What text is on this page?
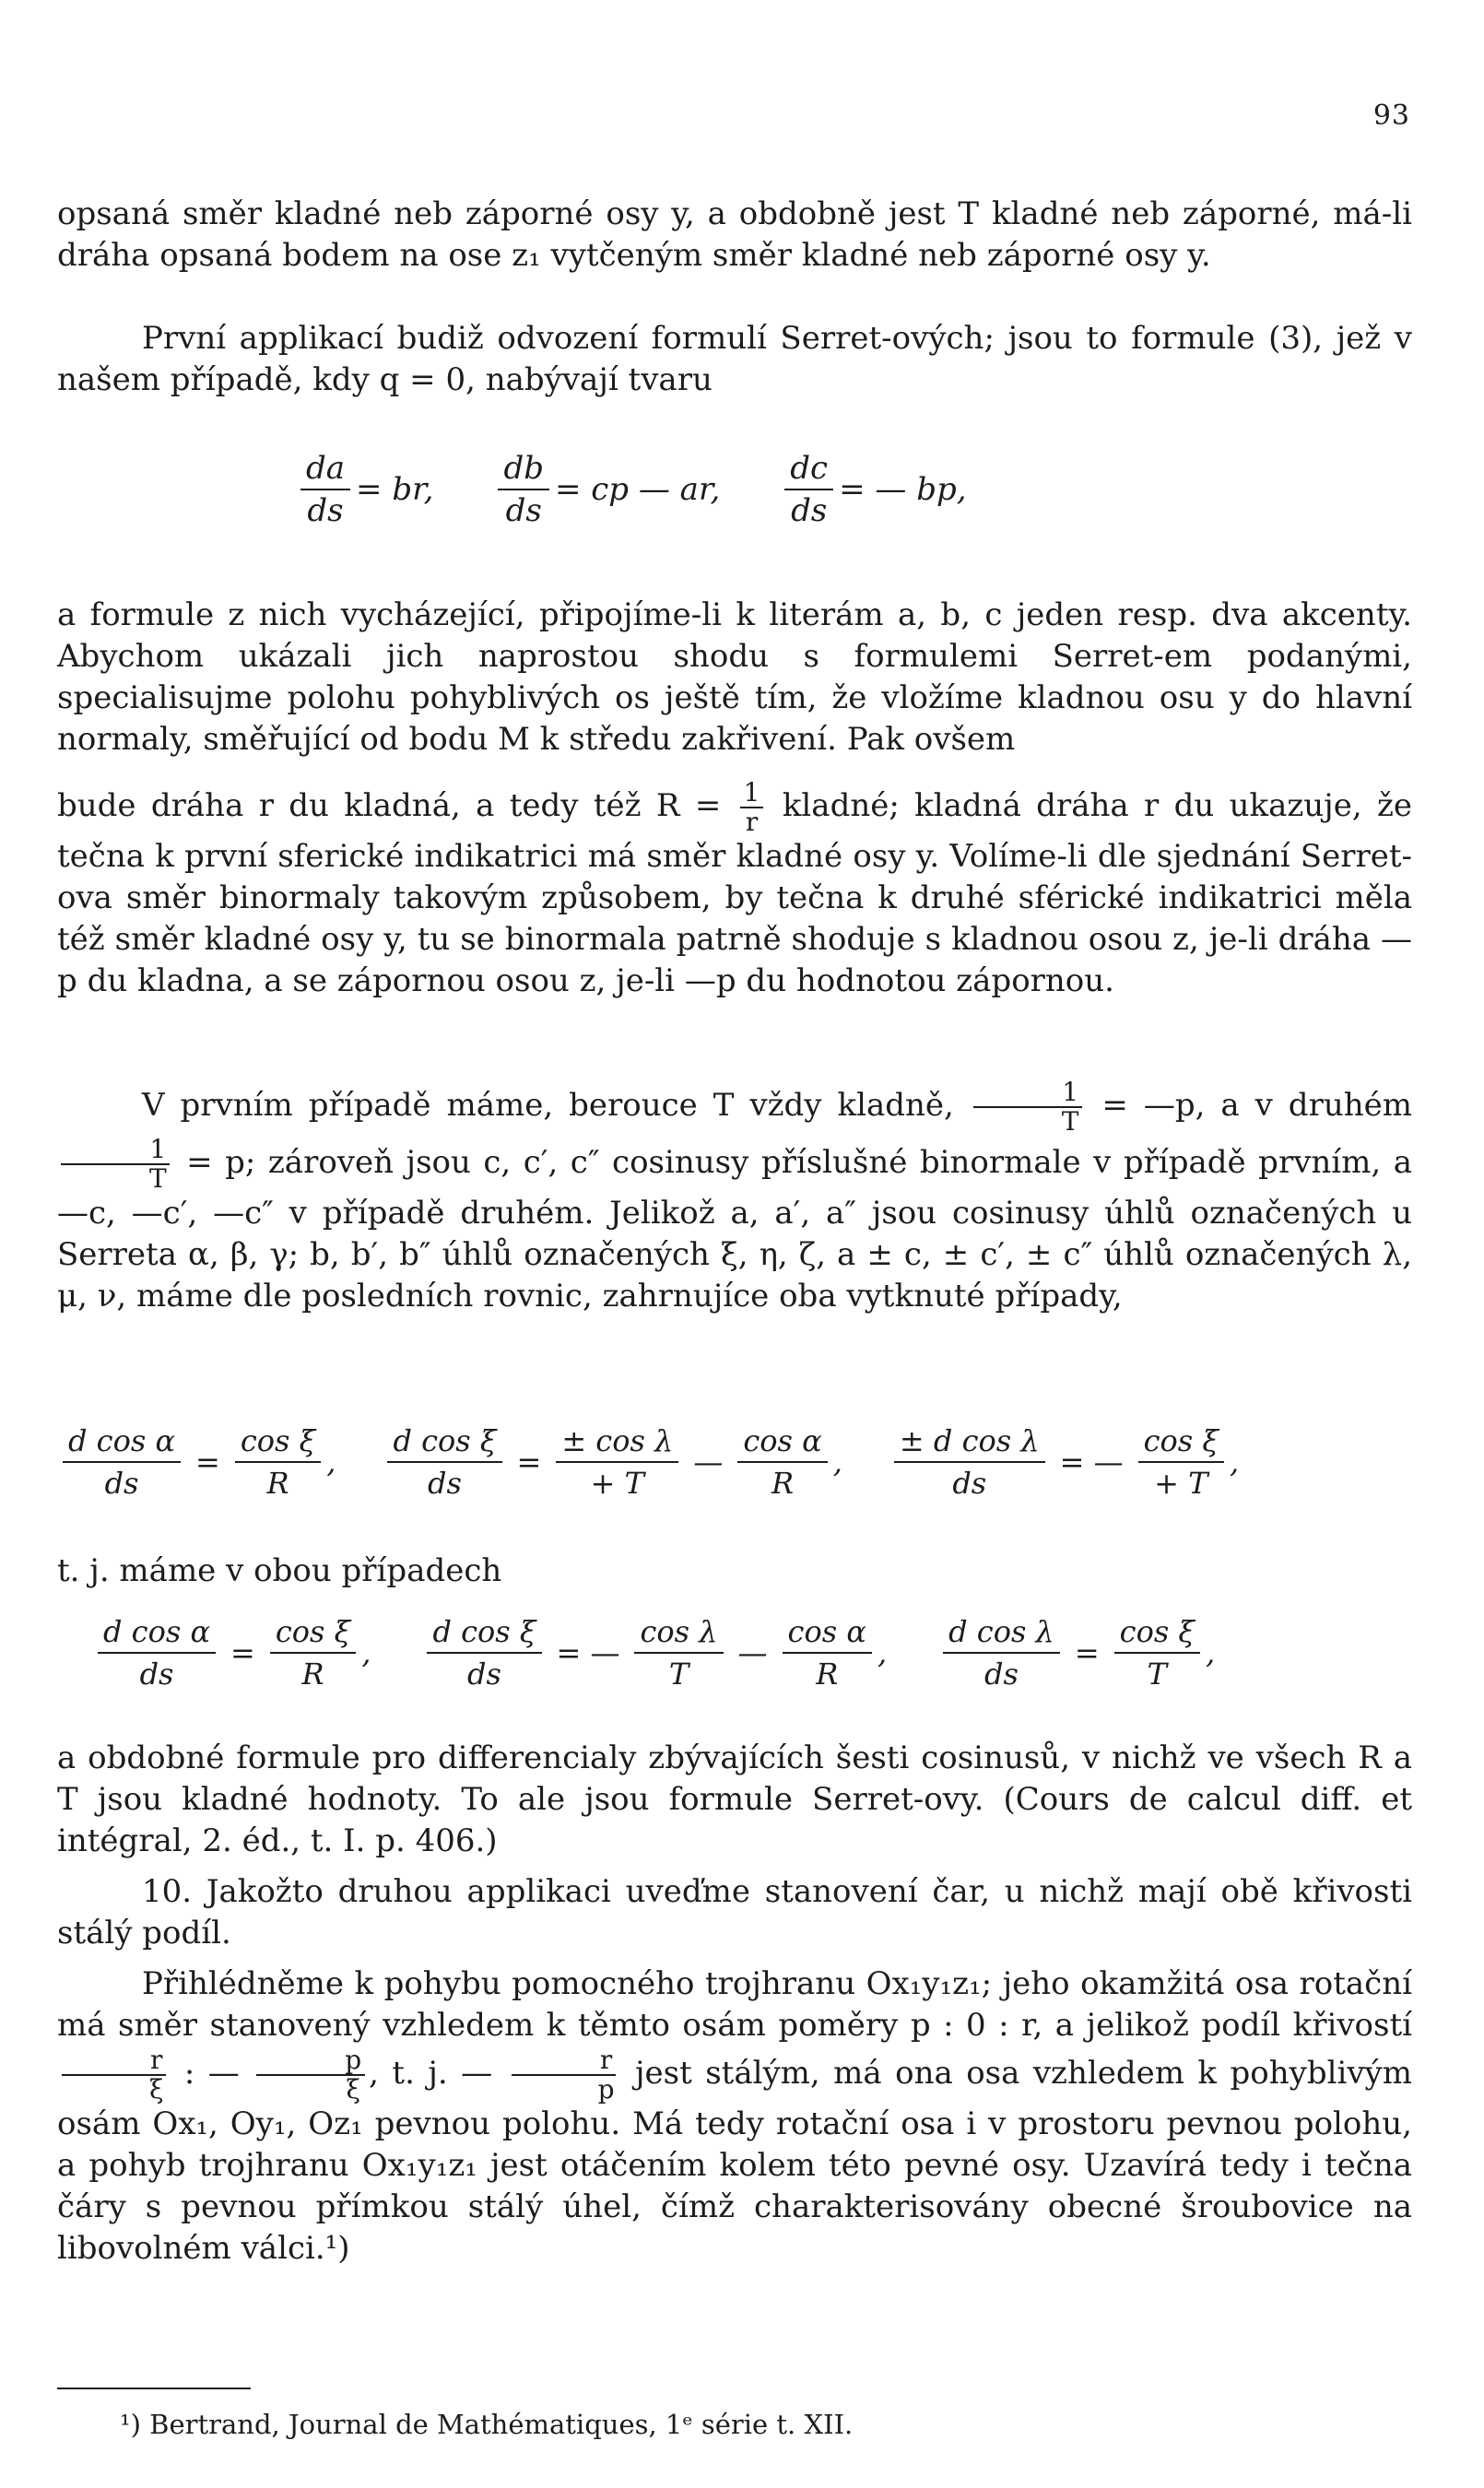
93

opsaná směr kladné neb záporné osy y, a obdobně jest T kladné neb záporné, má-li dráha opsaná bodem na ose z₁ vytčeným směr kladné neb záporné osy y.

První applikací budiž odvození formulí Serret-ových; jsou to formule (3), jež v našem případě, kdy q = 0, nabývají tvaru

$\frac{da}{ds}$ = br, $\frac{db}{ds}$ = cp — ar, $\frac{dc}{ds}$ = — bp,

a formule z nich vycházející, připojíme-li k literám a, b, c jeden resp. dva akcenty. Abychom ukázali jich naprostou shodu s formulemi Serret-em podanými, specialisujme polohu pohyblivých os ještě tím, že vložíme kladnou osu y do hlavní normaly, směřující od bodu M k středu zakřivení. Pak ovšem

bude dráha r du kladná, a tedy též $R = \frac{1}{r}$ kladné; kladná dráha r du ukazuje, že tečna k první sferické indikatrici má směr kladné osy y. Volíme-li dle sjednání Serret-ova směr binormaly takovým způsobem, by tečna k druhé sférické indikatrici měla též směr kladné osy y, tu se binormala patrně shoduje s kladnou osou z, je-li dráha —p du kladna, a se zápornou osou z, je-li —p du hodnotou zápornou.

V prvním případě máme, berouce T vždy kladně, $\frac{1}{T}$ = —p, a v druhém
$\frac{1}{T} = p$; zároveň jsou c, c′, c″ cosinusy příslušné binormale v případě prvním, a —c, —c′, —c″ v případě druhém. Jelikož a, a′, a″ jsou cosinusy úhlů označených u Serreta α, β, γ; b, b′, b″ úhlů označených ξ, η, ζ, a ± c, ± c′, ± c″ úhlů označených λ, μ, ν, máme dle posledních rovnic, zahrnujíce oba vytknuté případy,

$\frac{\text{d cos α}}{ds} = \frac{\text{cos ξ}}{R}$ , $\frac{\text{d cos ξ}}{ds} = \frac{\text{± cos λ}}{+ T}$ — $\frac{\text{cos α}}{R}$ , $\frac{\text{± d cos λ}}{ds}$ = — $\frac{\text{cos ξ}}{+ T}$ ,

t. j. máme v obou případech

$\frac{\text{d cos α}}{ds} = \frac{\text{cos ξ}}{R}$ , $\frac{\text{d cos ξ}}{ds}$ = — $\frac{\text{cos λ}}{T}$ — $\frac{\text{cos α}}{R}$ , $\frac{\text{d cos λ}}{ds} = \frac{\text{cos ξ}}{T}$ ,

a obdobné formule pro differencialy zbývajících šesti cosinusů, v nichž ve všech R a T jsou kladné hodnoty. To ale jsou formule Serret-ovy. (Cours de calcul diff. et intégral, 2. éd., t. I. p. 406.)

10. Jakožto druhou applikaci uveďme stanovení čar, u nichž mají obě křivosti stálý podíl.

Přihlédněme k pohybu pomocného trojhranu Ox₁y₁z₁; jeho okamžitá osa rotační má směr stanovený vzhledem k těmto osám poměry p : 0 : r, a jelikož podíl křivostí
$\frac{r}{\xi}$ : — $\frac{p}{\xi}$ , t. j. — $\frac{r}{p}$ jest stálým, má ona osa vzhledem k pohyblivým osám Ox₁, Oy₁, Oz₁ pevnou polohu. Má tedy rotační osa i v prostoru pevnou polohu, a pohyb trojhranu Ox₁y₁z₁ jest otáčením kolem této pevné osy. Uzavírá tedy i tečna čáry s pevnou přímkou stálý úhel, čímž charakterisovány obecné šroubovice na libovolném válci.¹)

¹) Bertrand, Journal de Mathématiques, 1ᵉ série t. XII.
